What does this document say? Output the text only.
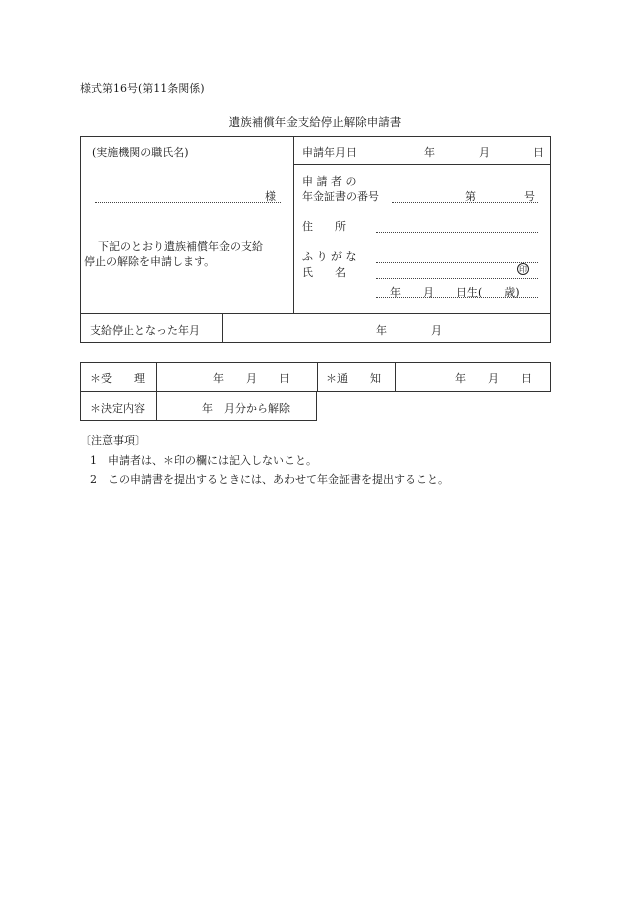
様式第16号(第11条関係)
遺族補償年金支給停止解除申請書
(実施機関の職氏名)
様
下記のとおり遺族補償年金の支給
停止の解除を申請します。
申請年月日	年	月	日
申 請 者 の
年金証書の番号	第	号
住　　所
ふ り が な
氏　　名	印
年　　月　　日生(　　歳)
支給停止となった年月	年　　　　月
＊受　　理	年　　月　　日	＊通　　知	年　　月　　日
＊決定内容	年　月分から解除
〔注意事項〕
1　申請者は、＊印の欄には記入しないこと。
2　この申請書を提出するときには、あわせて年金証書を提出すること。
